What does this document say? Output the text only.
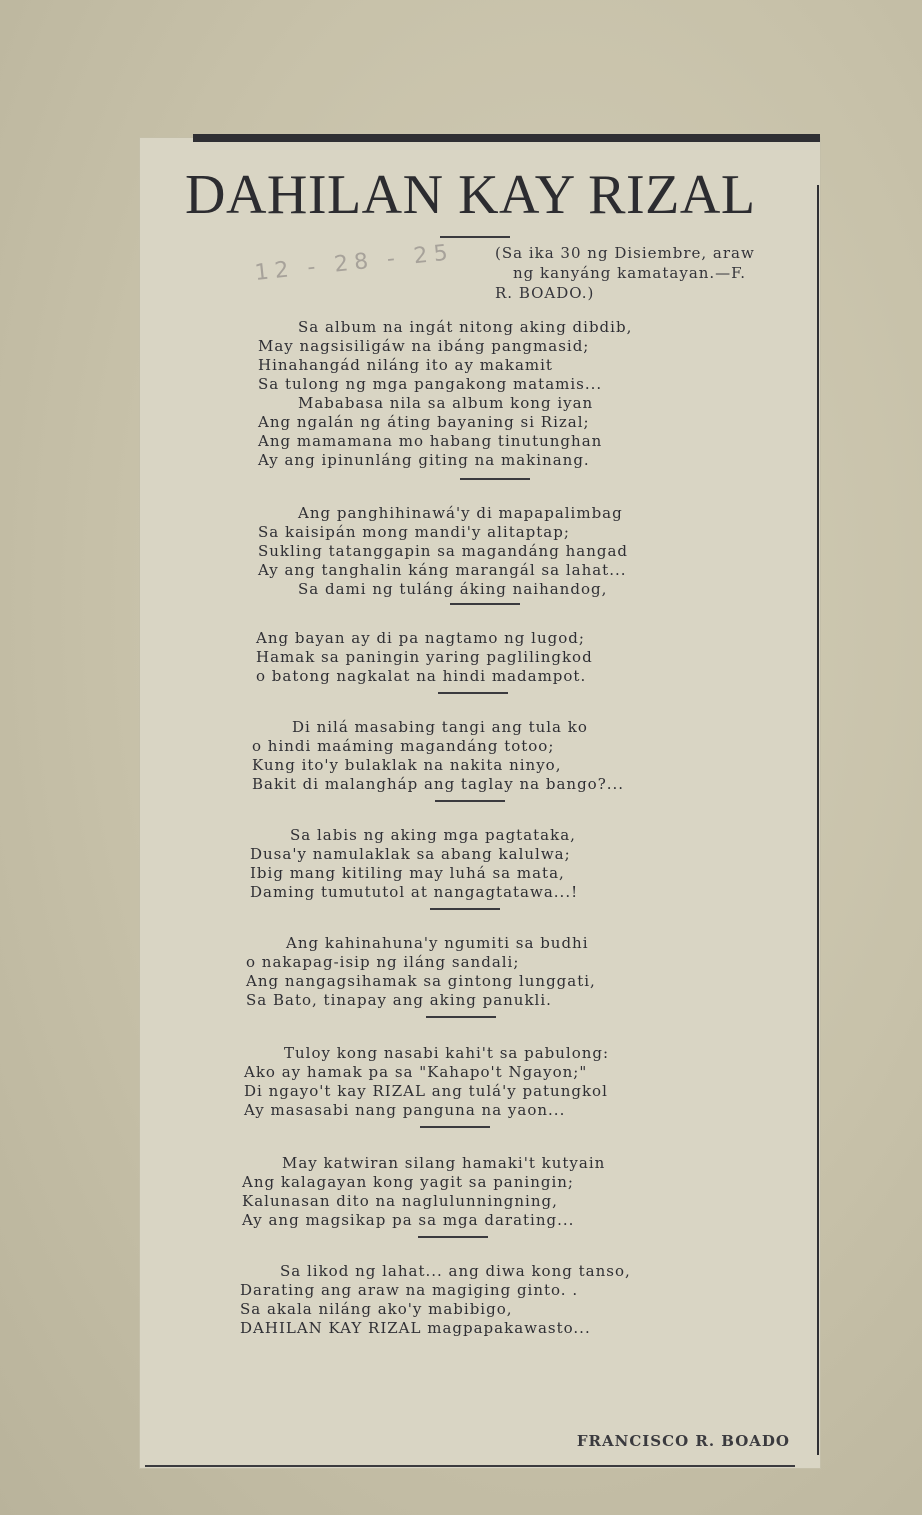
DAHILAN KAY RIZAL
12 - 28 - 25	(Sa ika 30 ng Disiembre, araw
ng kanyáng kamatayan.—F.
R. BOADO.)
Sa album na ingát nitong aking dibdib,
May nagsisiligáw na ibáng pangmasid;
Hinahangád niláng ito ay makamit
Sa tulong ng mga pangakong matamis...
Mababasa nila sa album kong iyan
Ang ngalán ng áting bayaning si Rizal;
Ang mamamana mo habang tinutunghan
Ay ang ipinunláng giting na makinang.
Ang panghihinawá'y di mapapalimbag
Sa kaisipán mong mandi'y alitaptap;
Sukling tatanggapin sa magandáng hangad
Ay ang tanghalin káng marangál sa lahat...
Sa dami ng tuláng áking naihandog,
Ang bayan ay di pa nagtamo ng lugod;
Hamak sa paningin yaring paglilingkod
o batong nagkalat na hindi madampot.
Di nilá masabing tangi ang tula ko
o hindi maáming magandáng totoo;
Kung ito'y bulaklak na nakita ninyo,
Bakit di malangháp ang taglay na bango?...
Sa labis ng aking mga pagtataka,
Dusa'y namulaklak sa abang kalulwa;
Ibig mang kitiling may luhá sa mata,
Daming tumututol at nangagtatawa...!
Ang kahinahuna'y ngumiti sa budhi
o nakapag-isip ng iláng sandali;
Ang nangagsihamak sa gintong lunggati,
Sa Bato, tinapay ang aking panukli.
Tuloy kong nasabi kahi't sa pabulong:
Ako ay hamak pa sa "Kahapo't Ngayon;"
Di ngayo't kay RIZAL ang tulá'y patungkol
Ay masasabi nang panguna na yaon...
May katwiran silang hamaki't kutyain
Ang kalagayan kong yagit sa paningin;
Kalunasan dito na naglulunningning,
Ay ang magsikap pa sa mga darating...
Sa likod ng lahat... ang diwa kong tanso,
Darating ang araw na magiging ginto. .
Sa akala niláng ako'y mabibigo,
DAHILAN KAY RIZAL magpapakawasto...
FRANCISCO R. BOADO
